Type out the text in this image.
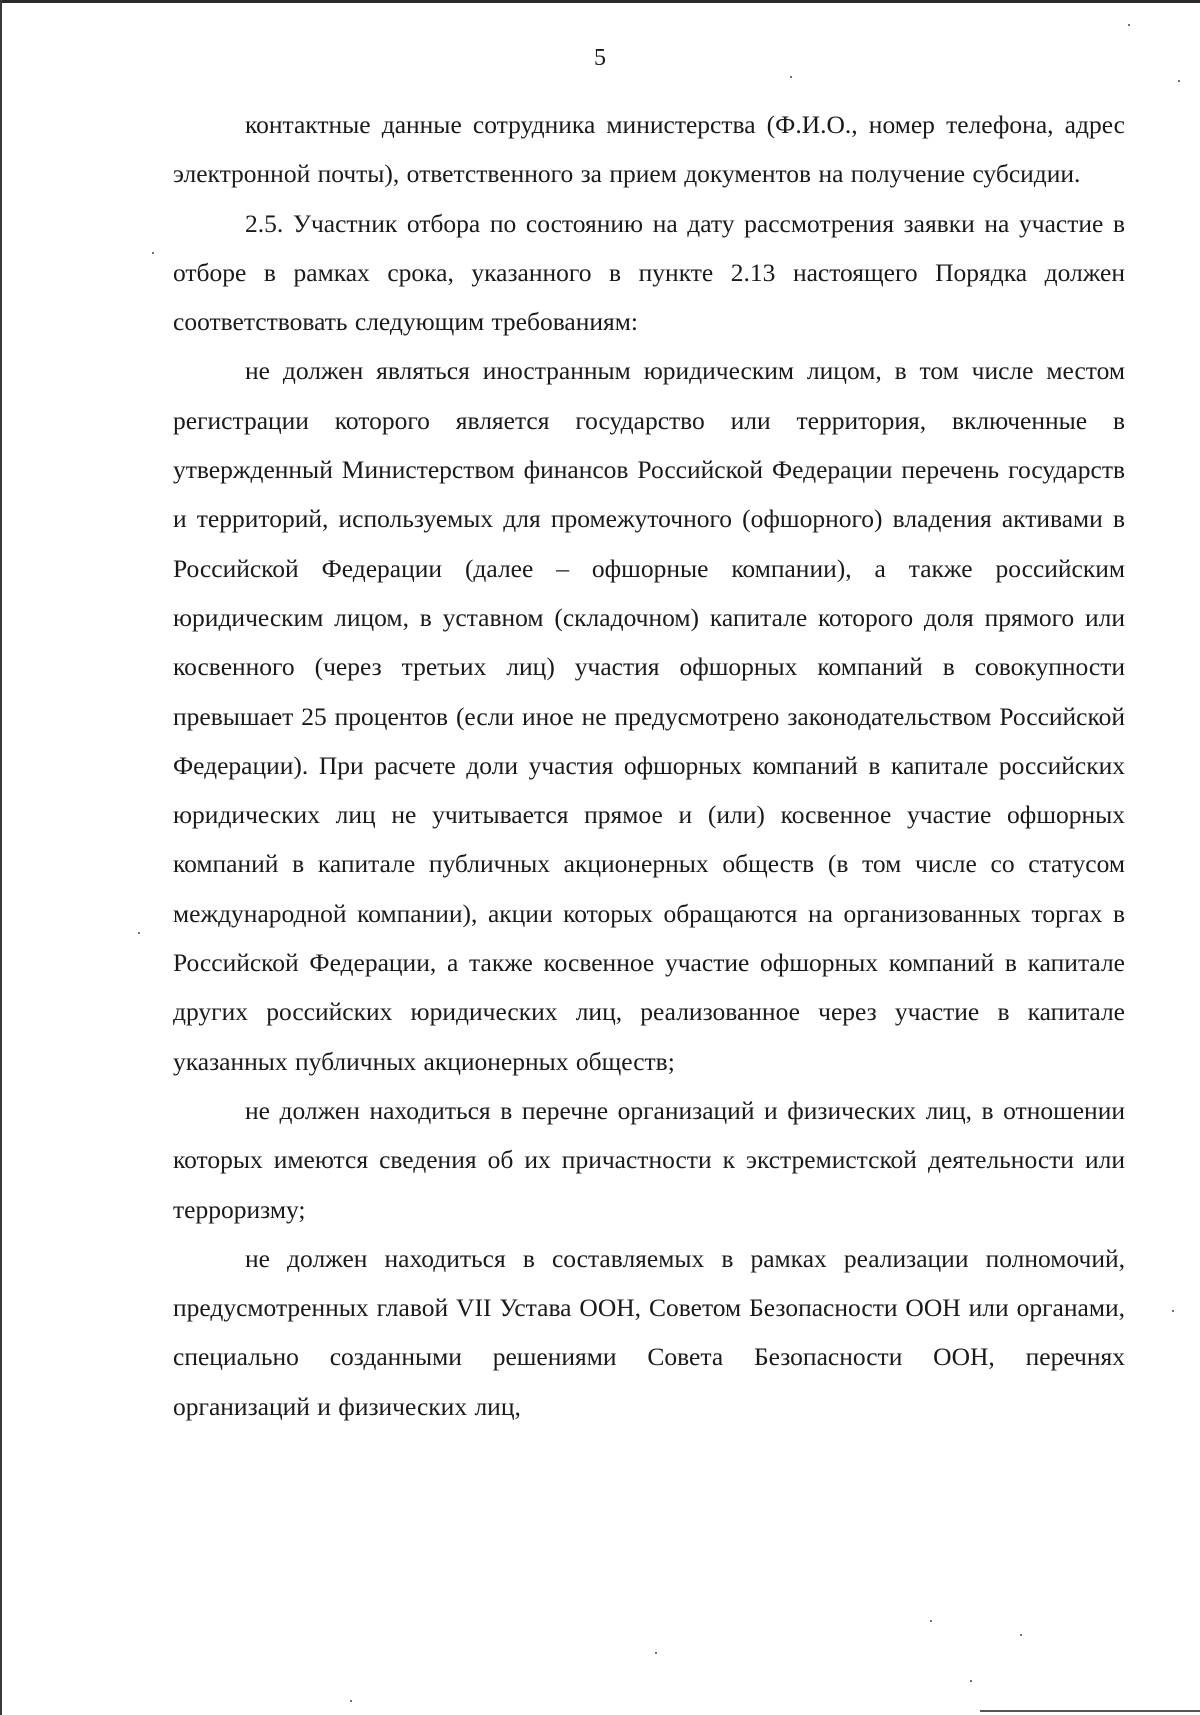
5

контактные данные сотрудника министерства (Ф.И.О., номер телефона, адрес электронной почты), ответственного за прием документов на получение субсидии.

2.5. Участник отбора по состоянию на дату рассмотрения заявки на участие в отборе в рамках срока, указанного в пункте 2.13 настоящего Порядка должен соответствовать следующим требованиям:

не должен являться иностранным юридическим лицом, в том числе местом регистрации которого является государство или территория, включенные в утвержденный Министерством финансов Российской Федерации перечень государств и территорий, используемых для промежуточного (офшорного) владения активами в Российской Федерации (далее – офшорные компании), а также российским юридическим лицом, в уставном (складочном) капитале которого доля прямого или косвенного (через третьих лиц) участия офшорных компаний в совокупности превышает 25 процентов (если иное не предусмотрено законодательством Российской Федерации). При расчете доли участия офшорных компаний в капитале российских юридических лиц не учитывается прямое и (или) косвенное участие офшорных компаний в капитале публичных акционерных обществ (в том числе со статусом международной компании), акции которых обращаются на организованных торгах в Российской Федерации, а также косвенное участие офшорных компаний в капитале других российских юридических лиц, реализованное через участие в капитале указанных публичных акционерных обществ;

не должен находиться в перечне организаций и физических лиц, в отношении которых имеются сведения об их причастности к экстремистской деятельности или терроризму;

не должен находиться в составляемых в рамках реализации полномочий, предусмотренных главой VII Устава ООН, Советом Безопасности ООН или органами, специально созданными решениями Совета Безопасности ООН, перечнях организаций и физических лиц,
